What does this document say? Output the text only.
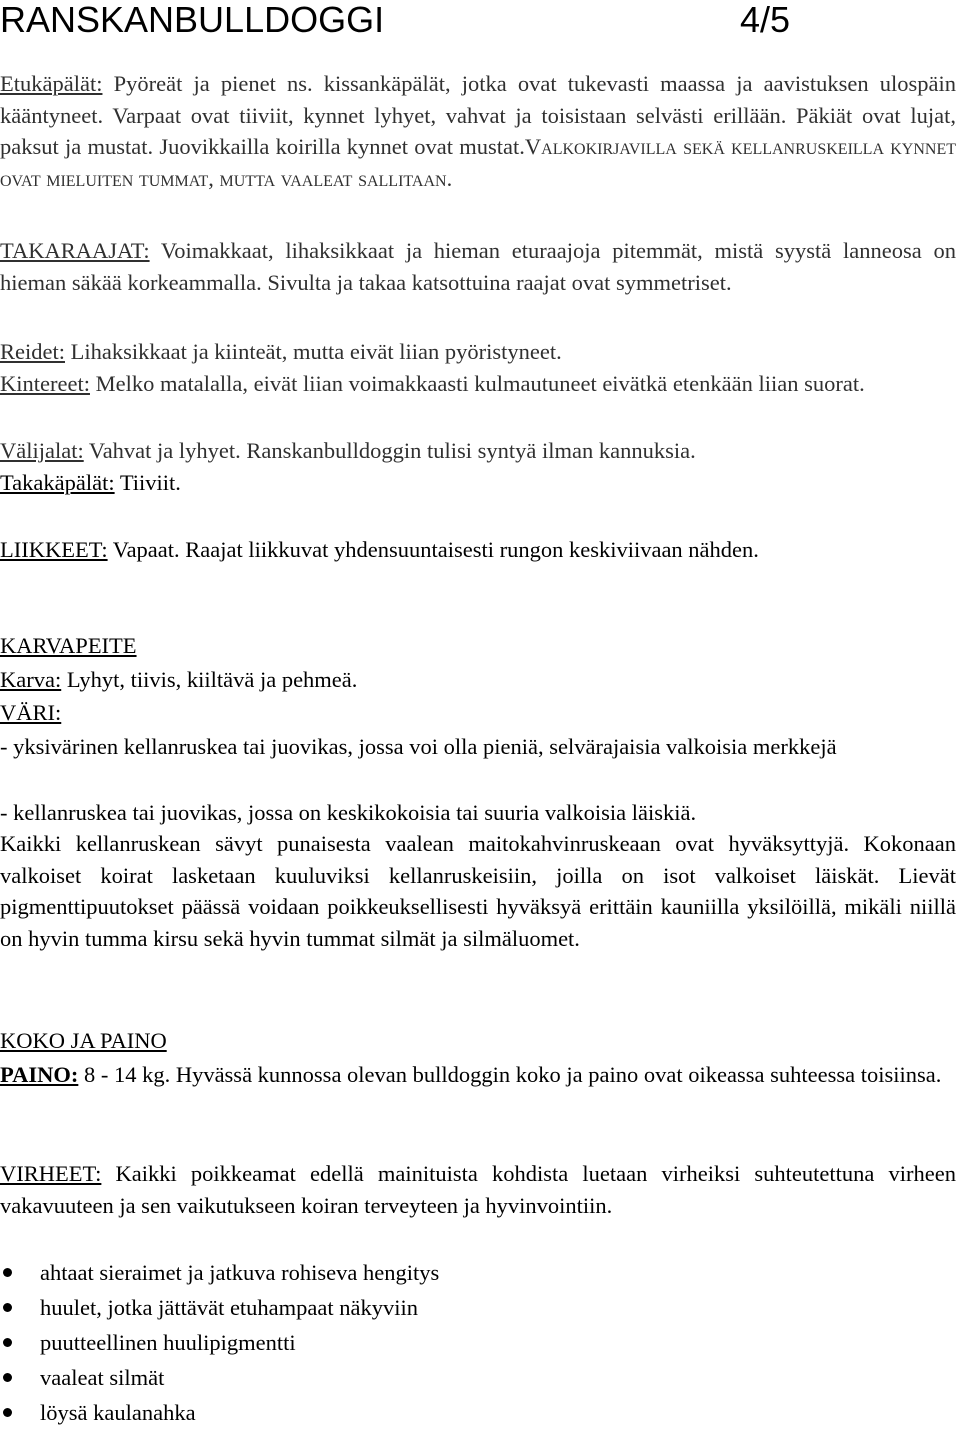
RANSKANBULLDOGGI	4/5
Etukäpälät: Pyöreät ja pienet ns. kissankäpälät, jotka ovat tukevasti maassa ja aavistuksen ulospäin kääntyneet. Varpaat ovat tiiviit, kynnet lyhyet, vahvat ja toisistaan selvästi erillään. Päkiät ovat lujat, paksut ja mustat. Juovikkailla koirilla kynnet ovat mustat.Valkokirjavilla sekä kellanruskeilla kynnet ovat mieluiten tummat, mutta vaaleat sallitaan.
TAKARAAJAT: Voimakkaat, lihaksikkaat ja hieman eturaajoja pitemmät, mistä syystä lanneosa on hieman säkää korkeammalla. Sivulta ja takaa katsottuina raajat ovat symmetriset.
Reidet: Lihaksikkaat ja kiinteät, mutta eivät liian pyöristyneet.
Kintereet: Melko matalalla, eivät liian voimakkaasti kulmautuneet eivätkä etenkään liian suorat.
Välijalat: Vahvat ja lyhyet. Ranskanbulldoggin tulisi syntyä ilman kannuksia.
Takakäpälät: Tiiviit.
LIIKKEET: Vapaat. Raajat liikkuvat yhdensuuntaisesti rungon keskiviivaan nähden.
KARVAPEITE
Karva: Lyhyt, tiivis, kiiltävä ja pehmeä.
VÄRI:
- yksivärinen kellanruskea tai juovikas, jossa voi olla pieniä, selvärajaisia valkoisia merkkejä
- kellanruskea tai juovikas, jossa on keskikokoisia tai suuria valkoisia läiskiä.
Kaikki kellanruskean sävyt punaisesta vaalean maitokahvinruskeaan ovat hyväksyttyjä. Kokonaan valkoiset koirat lasketaan kuuluviksi kellanruskeisiin, joilla on isot valkoiset läiskät. Lievät pigmenttipuutokset päässä voidaan poikkeuksellisesti hyväksyä erittäin kauniilla yksilöillä, mikäli niillä on hyvin tumma kirsu sekä hyvin tummat silmät ja silmäluomet.
KOKO JA PAINO
PAINO: 8 - 14 kg. Hyvässä kunnossa olevan bulldoggin koko ja paino ovat oikeassa suhteessa toisiinsa.
VIRHEET: Kaikki poikkeamat edellä mainituista kohdista luetaan virheiksi suhteutettuna virheen vakavuuteen ja sen vaikutukseen koiran terveyteen ja hyvinvointiin.
ahtaat sieraimet ja jatkuva rohiseva hengitys
huulet, jotka jättävät etuhampaat näkyviin
puutteellinen huulipigmentti
vaaleat silmät
löysä kaulanahka
